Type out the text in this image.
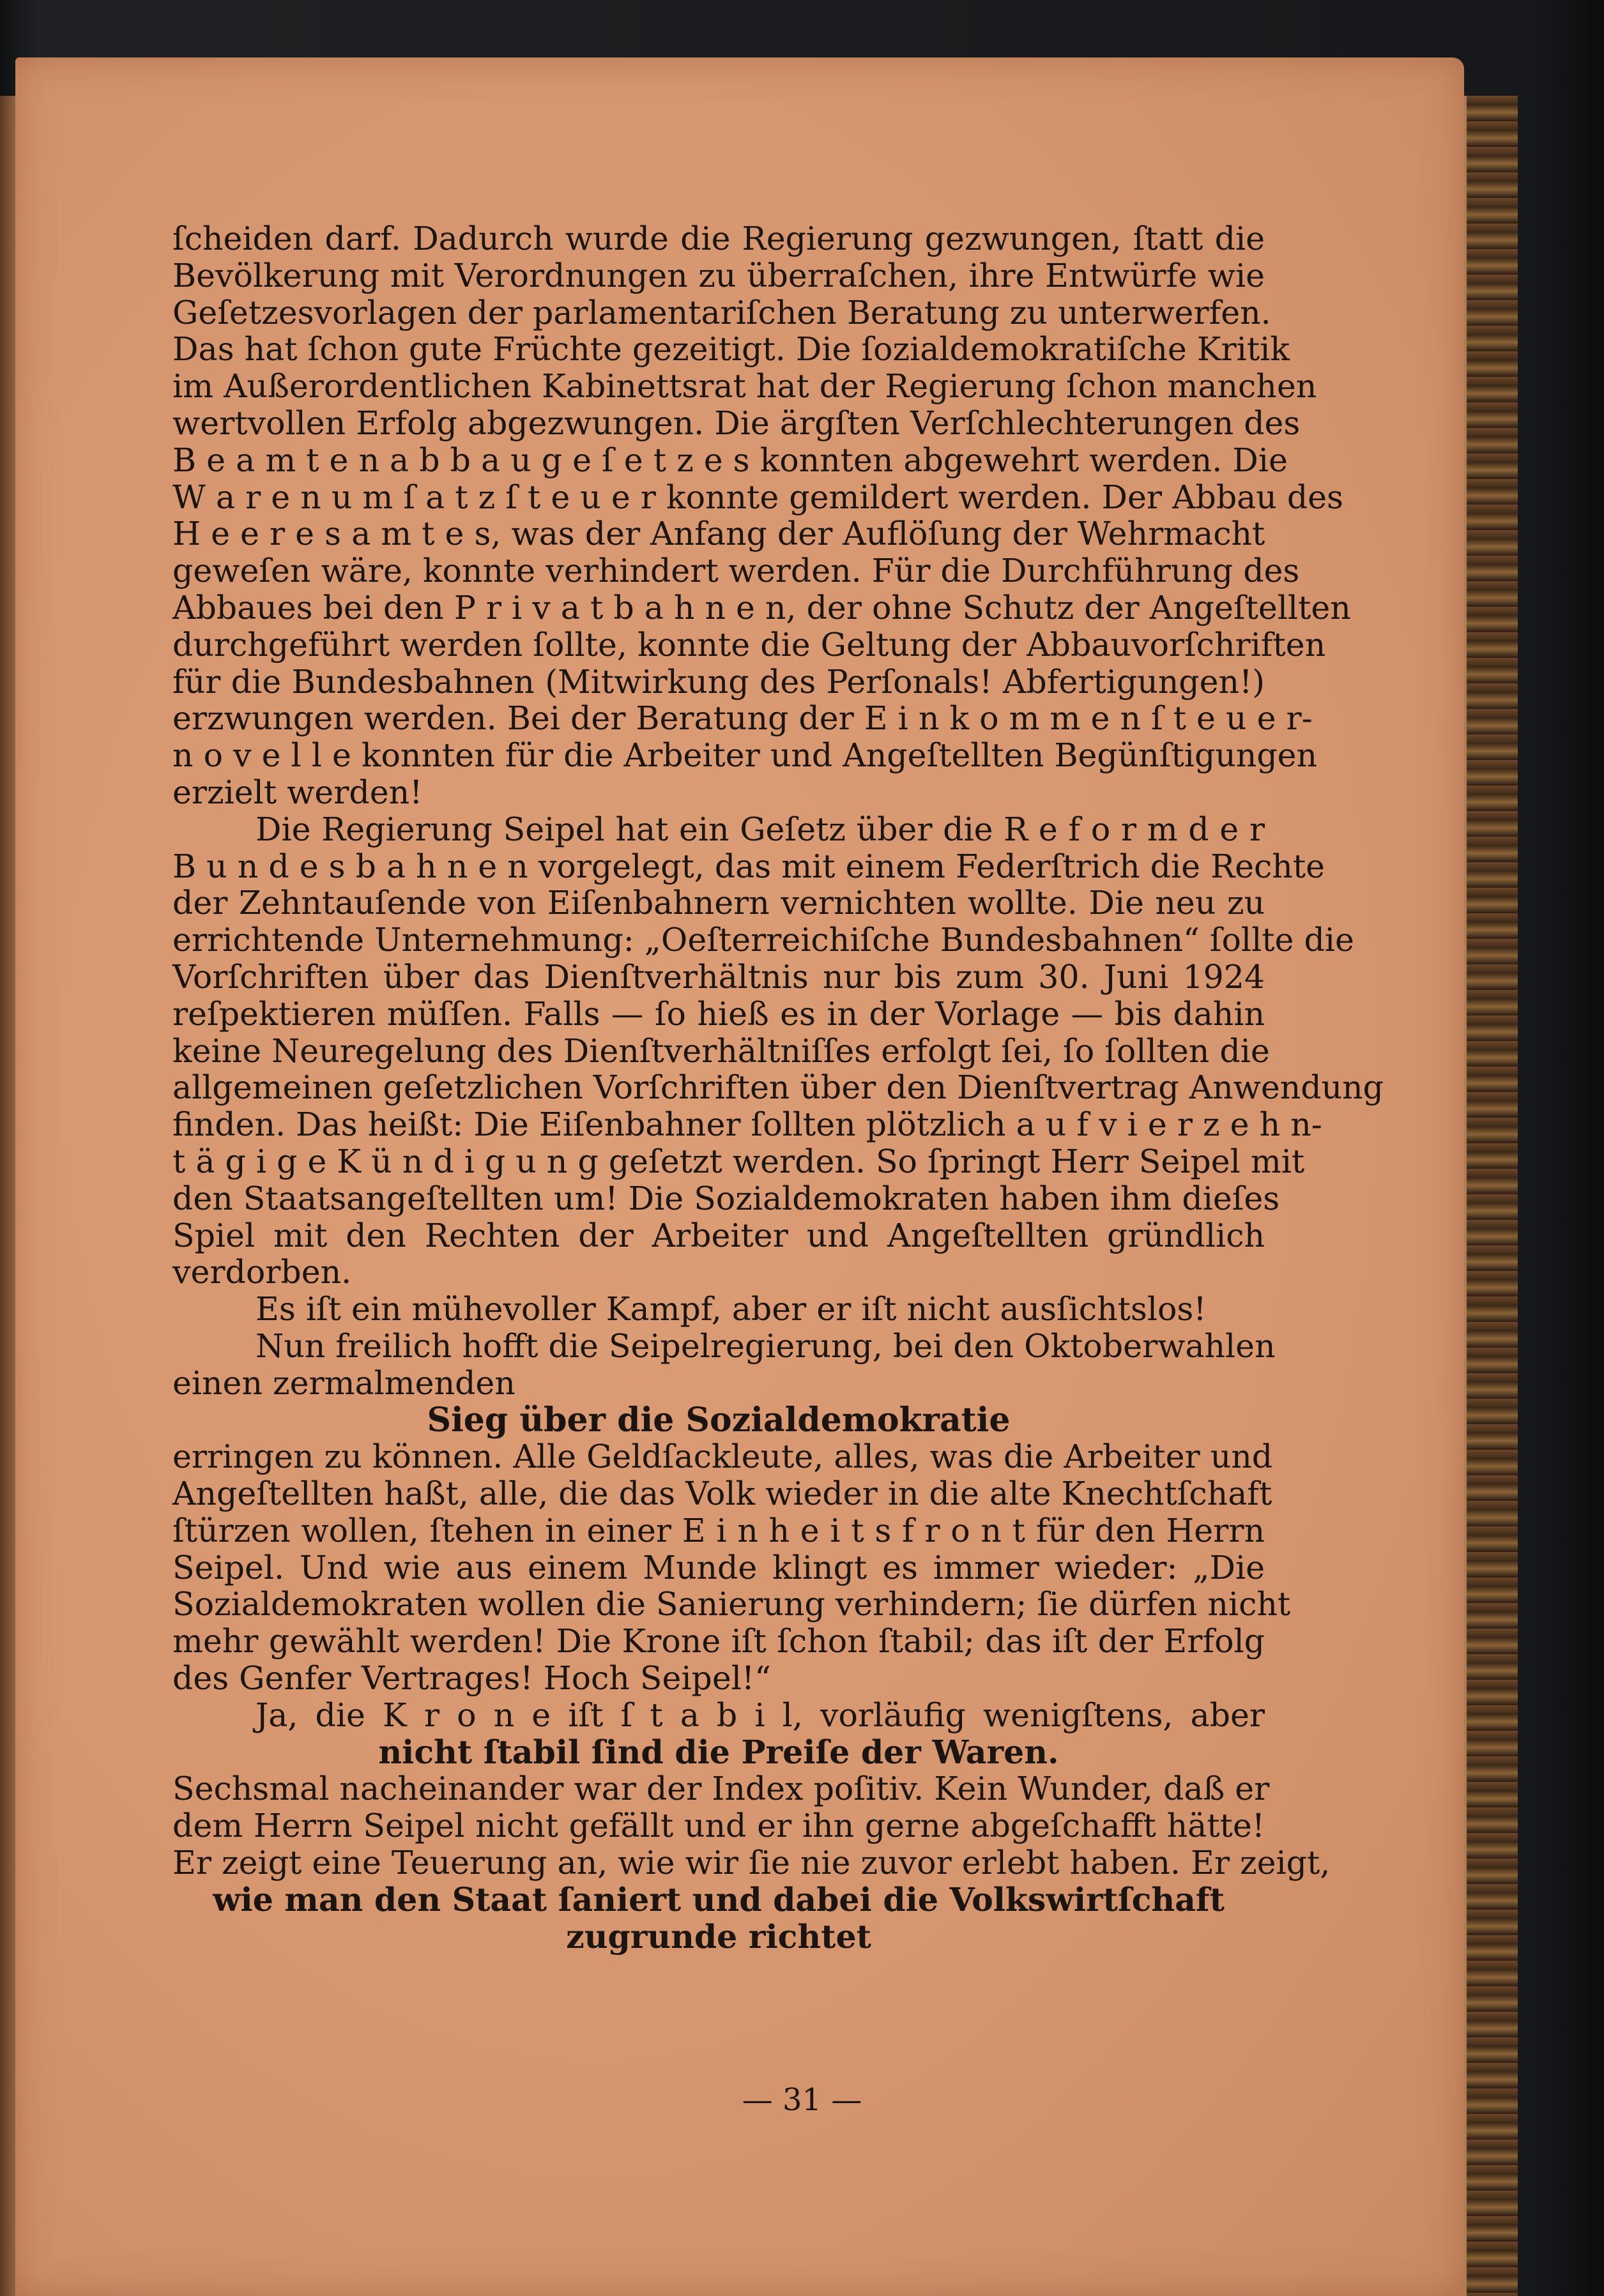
ſcheiden darf. Dadurch wurde die Regierung gezwungen, ſtatt die
Bevölkerung mit Verordnungen zu überraſchen, ihre Entwürfe wie
Geſetzesvorlagen der parlamentariſchen Beratung zu unterwerfen.
Das hat ſchon gute Früchte gezeitigt. Die ſozialdemokratiſche Kritik
im Außerordentlichen Kabinettsrat hat der Regierung ſchon manchen
wertvollen Erfolg abgezwungen. Die ärgſten Verſchlechterungen des
B e a m t e n a b b a u g e ſ e t z e s konnten abgewehrt werden. Die
W a r e n u m ſ a t z ſ t e u e r konnte gemildert werden. Der Abbau des
H e e r e s a m t e s, was der Anfang der Auflöſung der Wehrmacht
geweſen wäre, konnte verhindert werden. Für die Durchführung des
Abbaues bei den P r i v a t b a h n e n, der ohne Schutz der Angeſtellten
durchgeführt werden ſollte, konnte die Geltung der Abbauvorſchriften
für die Bundesbahnen (Mitwirkung des Perſonals! Abfertigungen!)
erzwungen werden. Bei der Beratung der E i n k o m m e n ſ t e u e r-
n o v e l l e konnten für die Arbeiter und Angeſtellten Begünſtigungen
erzielt werden!
Die Regierung Seipel hat ein Geſetz über die R e f o r m d e r
B u n d e s b a h n e n vorgelegt, das mit einem Federſtrich die Rechte
der Zehntauſende von Eiſenbahnern vernichten wollte. Die neu zu
errichtende Unternehmung: „Oeſterreichiſche Bundesbahnen“ ſollte die
Vorſchriften über das Dienſtverhältnis nur bis zum 30. Juni 1924
reſpektieren müſſen. Falls — ſo hieß es in der Vorlage — bis dahin
keine Neuregelung des Dienſtverhältniſſes erfolgt ſei, ſo ſollten die
allgemeinen geſetzlichen Vorſchriften über den Dienſtvertrag Anwendung
finden. Das heißt: Die Eiſenbahner ſollten plötzlich a u f v i e r z e h n-
t ä g i g e K ü n d i g u n g geſetzt werden. So ſpringt Herr Seipel mit
den Staatsangeſtellten um! Die Sozialdemokraten haben ihm dieſes
Spiel mit den Rechten der Arbeiter und Angeſtellten gründlich
verdorben.
Es iſt ein mühevoller Kampf, aber er iſt nicht ausſichtslos!
Nun freilich hofft die Seipelregierung, bei den Oktoberwahlen
einen zermalmenden
Sieg über die Sozialdemokratie
erringen zu können. Alle Geldſackleute, alles, was die Arbeiter und
Angeſtellten haßt, alle, die das Volk wieder in die alte Knechtſchaft
ſtürzen wollen, ſtehen in einer E i n h e i t s f r o n t für den Herrn
Seipel. Und wie aus einem Munde klingt es immer wieder: „Die
Sozialdemokraten wollen die Sanierung verhindern; ſie dürfen nicht
mehr gewählt werden! Die Krone iſt ſchon ſtabil; das iſt der Erfolg
des Genfer Vertrages! Hoch Seipel!“
Ja, die K r o n e iſt ſ t a b i l, vorläufig wenigſtens, aber
nicht ſtabil ſind die Preiſe der Waren.
Sechsmal nacheinander war der Index poſitiv. Kein Wunder, daß er
dem Herrn Seipel nicht gefällt und er ihn gerne abgeſchafft hätte!
Er zeigt eine Teuerung an, wie wir ſie nie zuvor erlebt haben. Er zeigt,
wie man den Staat ſaniert und dabei die Volkswirtſchaft
zugrunde richtet
— 31 —
